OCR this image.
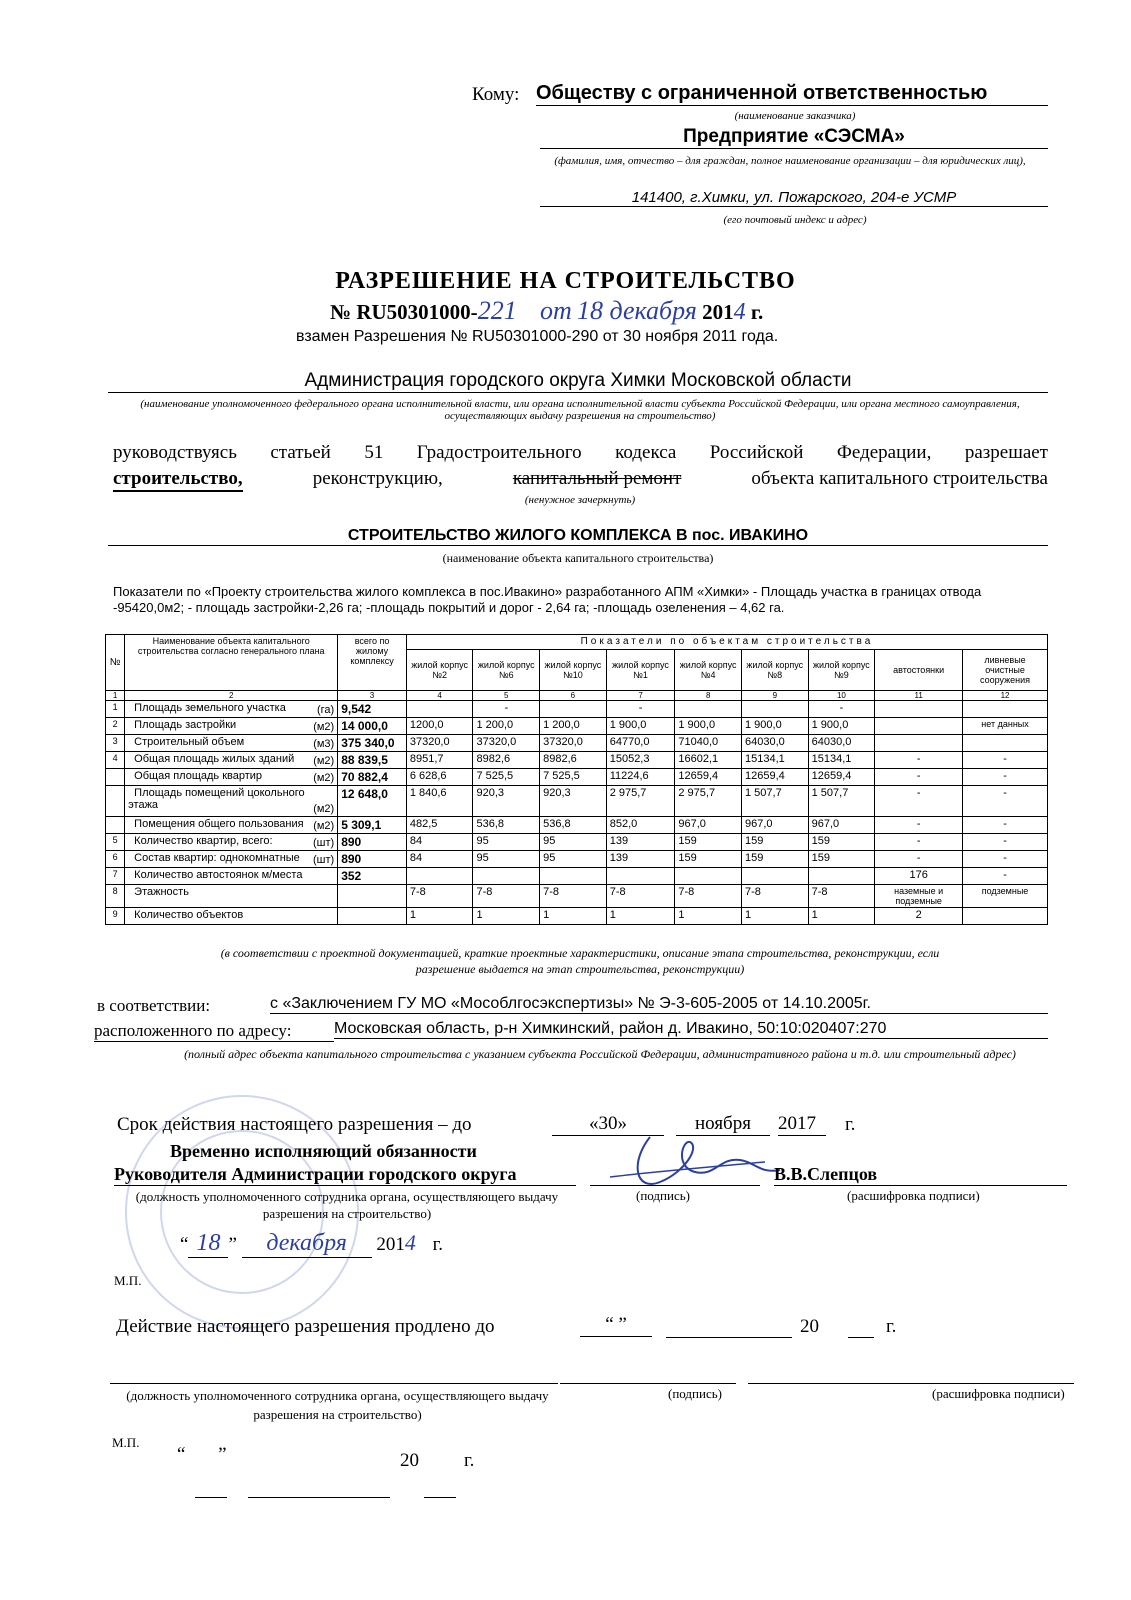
Кому: Обществу с ограниченной ответственностью
(наименование заказчика)
Предприятие «СЭСМА»
(фамилия, имя, отчество – для граждан, полное наименование организации – для юридических лиц),
141400, г.Химки, ул. Пожарского, 204-е УСМР
(его почтовый индекс и адрес)
РАЗРЕШЕНИЕ НА СТРОИТЕЛЬСТВО
№ RU50301000-221 от 18 декабря 2014 г.
взамен Разрешения № RU50301000-290 от 30 ноября 2011 года.
Администрация городского округа Химки Московской области
(наименование уполномоченного федерального органа исполнительной власти, или органа исполнительной власти субъекта Российской Федерации, или органа местного самоуправления, осуществляющих выдачу разрешения на строительство)
руководствуясь статьей 51 Градостроительного кодекса Российской Федерации, разрешает
строительство,	реконструкцию,	капитальный ремонт	объекта капитального строительства
(ненужное зачеркнуть)
СТРОИТЕЛЬСТВО ЖИЛОГО КОМПЛЕКСА В пос. ИВАКИНО
(наименование объекта капитального строительства)
Показатели по «Проекту строительства жилого комплекса в пос.Ивакино» разработанного АПМ «Химки» - Площадь участка в границах отвода -95420,0м2; - площадь застройки-2,26 га; -площадь покрытий и дорог - 2,64 га; -площадь озеленения – 4,62 га.
№	Наименование объекта капитального строительства согласно генерального плана	всего по жилому комплексу	Показатели по объектам строительства								
			жилой корпус №2	жилой корпус №6	жилой корпус №10	жилой корпус №1	жилой корпус №4	жилой корпус №8	жилой корпус №9	автостоянки	ливневые очистные сооружения
1	2	3	4	5	6	7	8	9	10	11	12
1	Площадь земельного участка (га)	9,542		-		-			-		
2	Площадь застройки (м2)	14 000,0	1200,0	1 200,0	1 200,0	1 900,0	1 900,0	1 900,0	1 900,0		нет данных
3	Строительный объем (м3)	375 340,0	37320,0	37320,0	37320,0	64770,0	71040,0	64030,0	64030,0		
4	Общая площадь жилых зданий (м2)	88 839,5	8951,7	8982,6	8982,6	15052,3	16602,1	15134,1	15134,1	-	-
	Общая площадь квартир (м2)	70 882,4	6 628,6	7 525,5	7 525,5	11224,6	12659,4	12659,4	12659,4	-	-
	Площадь помещений цокольного этажа (м2)	12 648,0	1 840,6	920,3	920,3	2 975,7	2 975,7	1 507,7	1 507,7	-	-
	Помещения общего пользования (м2)	5 309,1	482,5	536,8	536,8	852,0	967,0	967,0	967,0	-	-
5	Количество квартир, всего: (шт)	890	84	95	95	139	159	159	159	-	-
6	Состав квартир: однокомнатные (шт)	890	84	95	95	139	159	159	159	-	-
7	Количество автостоянок м/места	352								176	-
8	Этажность		7-8	7-8	7-8	7-8	7-8	7-8	7-8	наземные и подземные	подземные
9	Количество объектов		1	1	1	1	1	1	1	2	
(в соответствии с проектной документацией, краткие проектные характеристики, описание этапа строительства, реконструкции, если разрешение выдается на этап строительства, реконструкции)
в соответствии:	с «Заключением ГУ МО «Мособлгосэкспертизы» № Э-3-605-2005 от 14.10.2005г.
расположенного по адресу:	Московская область, р-н Химкинский, район д. Ивакино, 50:10:020407:270
(полный адрес объекта капитального строительства с указанием субъекта Российской Федерации, административного района и т.д. или строительный адрес)
Срок действия настоящего разрешения – до	«30»	ноября	2017	г.
Временно исполняющий обязанности
Руководителя Администрации городского округа	В.В.Слепцов
(должность уполномоченного сотрудника органа, осуществляющего выдачу разрешения на строительство)
(подпись)	(расшифровка подписи)
“ 18 ” декабря 2014 г.
М.П.
Действие настоящего разрешения продлено до	“ ”	20	г.
(должность уполномоченного сотрудника органа, осуществляющего выдачу разрешения на строительство)
(подпись)	(расшифровка подписи)
М.П.
“ ”	20 г.
